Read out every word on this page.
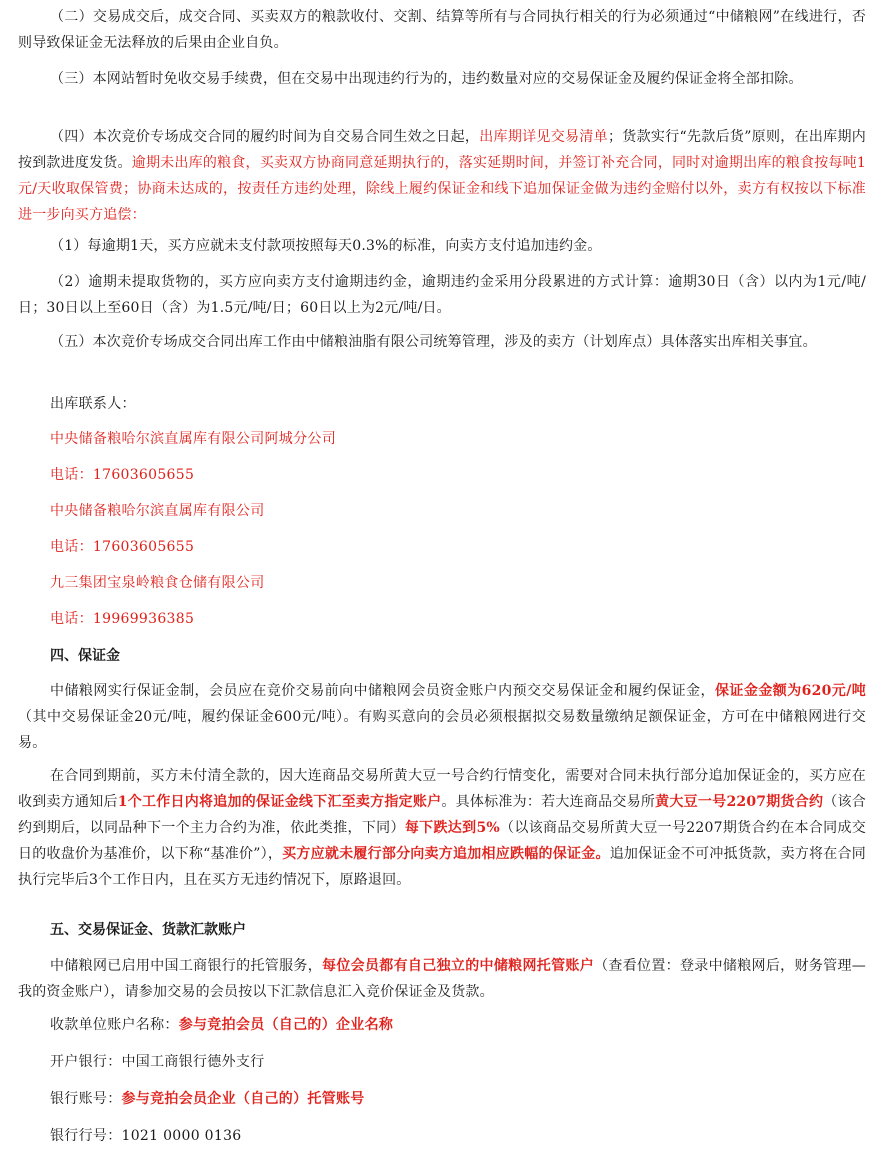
（二）交易成交后，成交合同、买卖双方的粮款收付、交割、结算等所有与合同执行相关的行为必须通过“中储粮网”在线进行，否则导致保证金无法释放的后果由企业自负。

（三）本网站暂时免收交易手续费，但在交易中出现违约行为的，违约数量对应的交易保证金及履约保证金将全部扣除。

（四）本次竞价专场成交合同的履约时间为自交易合同生效之日起，出库期详见交易清单；货款实行“先款后货”原则，在出库期内按到款进度发货。逾期未出库的粮食，买卖双方协商同意延期执行的，落实延期时间，并签订补充合同，同时对逾期出库的粮食按每吨1元/天收取保管费；协商未达成的，按责任方违约处理，除线上履约保证金和线下追加保证金做为违约金赔付以外，卖方有权按以下标准进一步向买方追偿：

（1）每逾期1天，买方应就未支付款项按照每天0.3%的标准，向卖方支付追加违约金。

（2）逾期未提取货物的，买方应向卖方支付逾期违约金，逾期违约金采用分段累进的方式计算：逾期30日（含）以内为1元/吨/日；30日以上至60日（含）为1.5元/吨/日；60日以上为2元/吨/日。

（五）本次竞价专场成交合同出库工作由中储粮油脂有限公司统筹管理，涉及的卖方（计划库点）具体落实出库相关事宜。

出库联系人：

中央储备粮哈尔滨直属库有限公司阿城分公司

电话：17603605655

中央储备粮哈尔滨直属库有限公司

电话：17603605655

九三集团宝泉岭粮食仓储有限公司

电话：19969936385

四、保证金

中储粮网实行保证金制，会员应在竞价交易前向中储粮网会员资金账户内预交交易保证金和履约保证金，保证金金额为620元/吨（其中交易保证金20元/吨，履约保证金600元/吨）。有购买意向的会员必须根据拟交易数量缴纳足额保证金，方可在中储粮网进行交易。

在合同到期前，买方未付清全款的，因大连商品交易所黄大豆一号合约行情变化，需要对合同未执行部分追加保证金的，买方应在收到卖方通知后1个工作日内将追加的保证金线下汇至卖方指定账户。具体标准为：若大连商品交易所黄大豆一号2207期货合约（该合约到期后，以同品种下一个主力合约为准，依此类推，下同）每下跌达到5%（以该商品交易所黄大豆一号2207期货合约在本合同成交日的收盘价为基准价，以下称“基准价”），买方应就未履行部分向卖方追加相应跌幅的保证金。追加保证金不可冲抵货款，卖方将在合同执行完毕后3个工作日内，且在买方无违约情况下，原路退回。

五、交易保证金、货款汇款账户

中储粮网已启用中国工商银行的托管服务，每位会员都有自己独立的中储粮网托管账户（查看位置：登录中储粮网后，财务管理—我的资金账户），请参加交易的会员按以下汇款信息汇入竞价保证金及货款。

收款单位账户名称：参与竞拍会员（自己的）企业名称

开户银行：中国工商银行德外支行

银行账号：参与竞拍会员企业（自己的）托管账号

银行行号：1021 0000 0136
